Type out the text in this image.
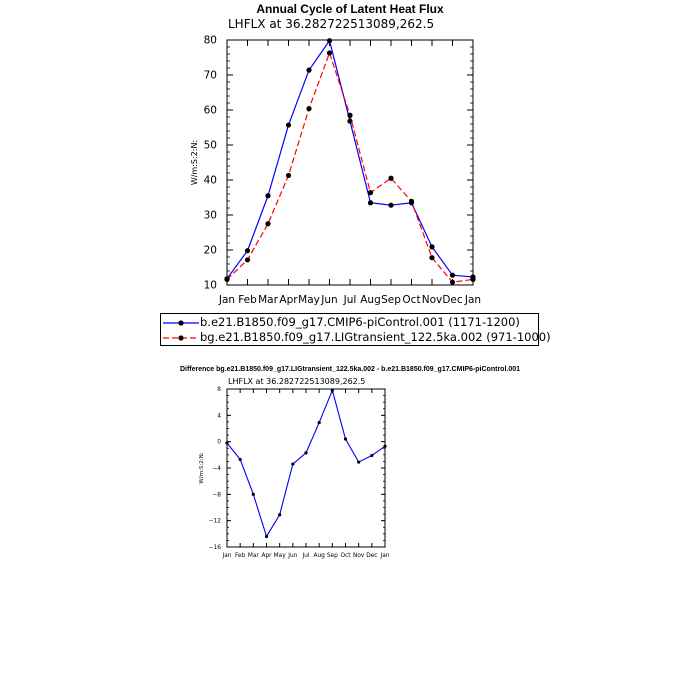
Annual Cycle of Latent Heat Flux
LHFLX at 36.282722513089,262.5
Jan Feb Mar Apr May Jun Jul Aug Sep Oct Nov Dec Jan
10
20
30
40
50
60
70
80
W/m:S:2:N:
b.e21.B1850.f09_g17.CMIP6-piControl.001 (1171-1200)
bg.e21.B1850.f09_g17.LIGtransient_122.5ka.002 (971-1000)
Difference bg.e21.B1850.f09_g17.LIGtransient_122.5ka.002 - b.e21.B1850.f09_g17.CMIP6-piControl.001
LHFLX at 36.282722513089,262.5
Jan Feb Mar Apr May Jun Jul Aug Sep Oct Nov Dec Jan
−16
−12
−8
−4
0
4
8
W/m:S:2:N:
